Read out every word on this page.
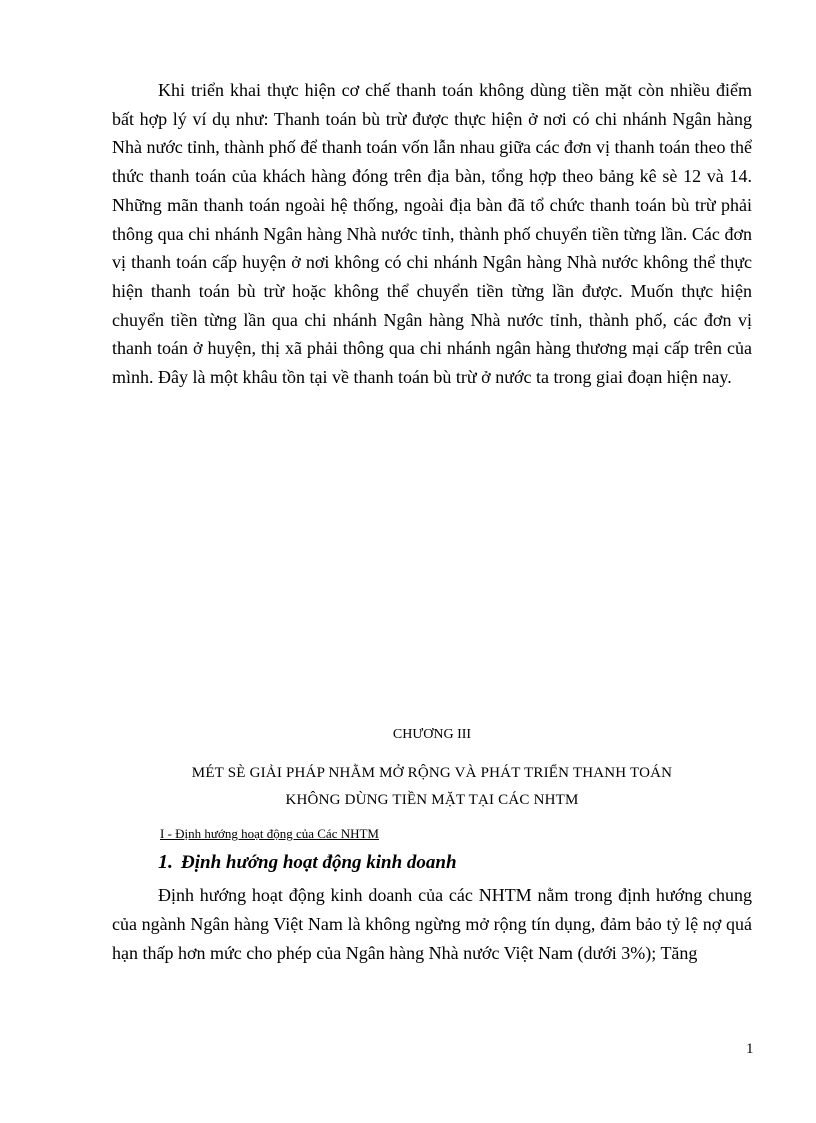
Khi triển khai thực hiện cơ chế thanh toán không dùng tiền mặt còn nhiều điểm bất hợp lý ví dụ như: Thanh toán bù trừ được thực hiện ở nơi có chi nhánh Ngân hàng Nhà nước tỉnh, thành phố để thanh toán vốn lẫn nhau giữa các đơn vị thanh toán theo thể thức thanh toán của khách hàng đóng trên địa bàn, tổng hợp theo bảng kê sè 12 và 14. Những mãn thanh toán ngoài hệ thống, ngoài địa bàn đã tổ chức thanh toán bù trừ phải thông qua chi nhánh Ngân hàng Nhà nước tỉnh, thành phố chuyển tiền từng lần. Các đơn vị thanh toán cấp huyện ở nơi không có chi nhánh Ngân hàng Nhà nước không thể thực hiện thanh toán bù trừ hoặc không thể chuyển tiền từng lần được. Muốn thực hiện chuyển tiền từng lần qua chi nhánh Ngân hàng Nhà nước tỉnh, thành phố, các đơn vị thanh toán ở huyện, thị xã phải thông qua chi nhánh ngân hàng thương mại cấp trên của mình. Đây là một khâu tồn tại về thanh toán bù trừ ở nước ta trong giai đoạn hiện nay.

CHƯƠNG III

MÉT SÈ GIẢI PHÁP NHẰM MỞ RỘNG VÀ PHÁT TRIỂN THANH TOÁN
KHÔNG DÙNG TIỀN MẶT TẠI CÁC NHTM

I - Định hướng hoạt động của Các NHTM

1. Định hướng hoạt động kinh doanh

Định hướng hoạt động kinh doanh của các NHTM nằm trong định hướng chung của ngành Ngân hàng Việt Nam là không ngừng mở rộng tín dụng, đảm bảo tỷ lệ nợ quá hạn thấp hơn mức cho phép của Ngân hàng Nhà nước Việt Nam (dưới 3%); Tăng

1
